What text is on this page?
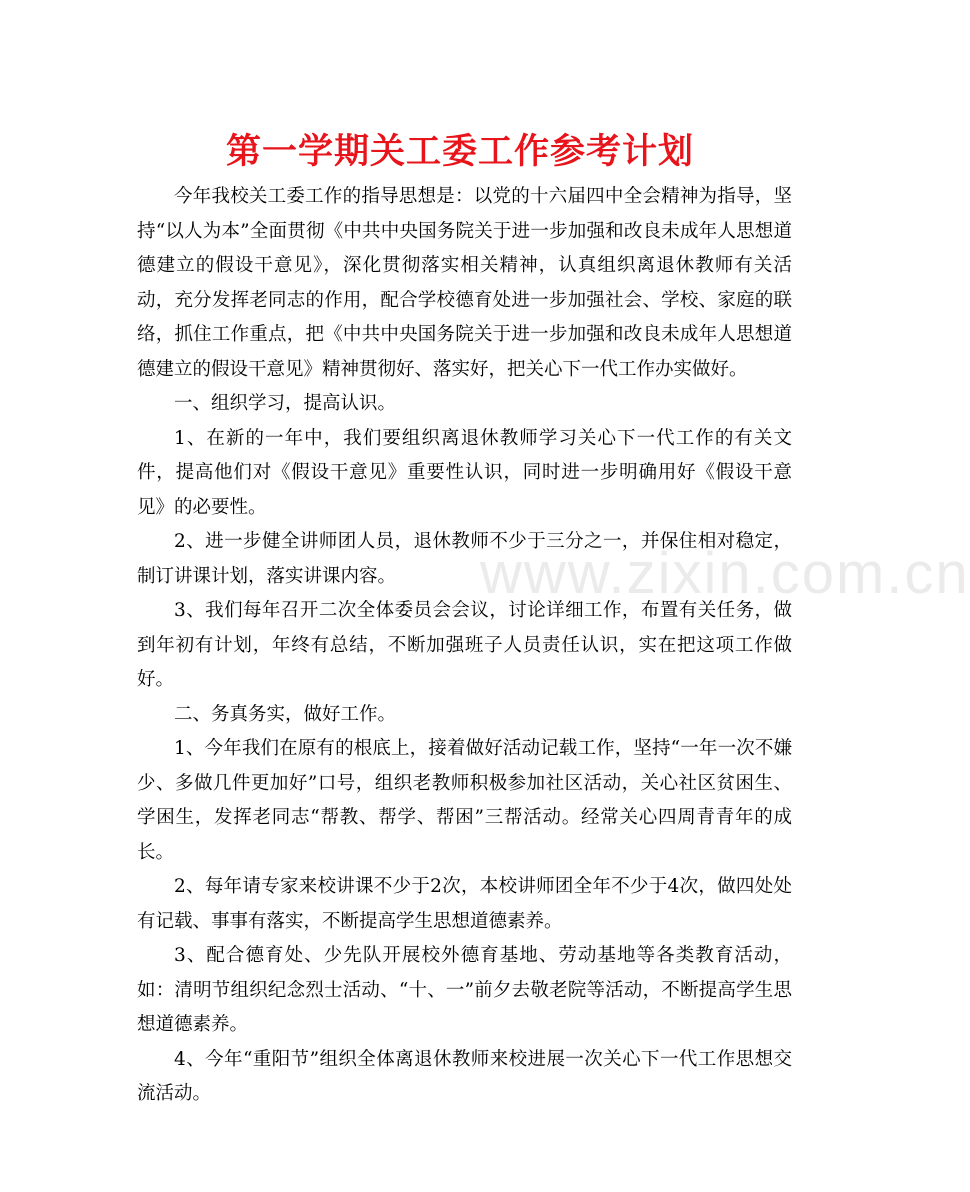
www.zixin.com.cn
第一学期关工委工作参考计划

今年我校关工委工作的指导思想是：以党的十六届四中全会精神为指导，坚持“以人为本”全面贯彻《中共中央国务院关于进一步加强和改良未成年人思想道德建立的假设干意见》，深化贯彻落实相关精神，认真组织离退休教师有关活动，充分发挥老同志的作用，配合学校德育处进一步加强社会、学校、家庭的联络，抓住工作重点，把《中共中央国务院关于进一步加强和改良未成年人思想道德建立的假设干意见》精神贯彻好、落实好，把关心下一代工作办实做好。

一、组织学习，提高认识。

1、在新的一年中，我们要组织离退休教师学习关心下一代工作的有关文件，提高他们对《假设干意见》重要性认识，同时进一步明确用好《假设干意见》的必要性。

2、进一步健全讲师团人员，退休教师不少于三分之一，并保住相对稳定，制订讲课计划，落实讲课内容。

3、我们每年召开二次全体委员会会议，讨论详细工作，布置有关任务，做到年初有计划，年终有总结，不断加强班子人员责任认识，实在把这项工作做好。

二、务真务实，做好工作。

1、今年我们在原有的根底上，接着做好活动记载工作，坚持“一年一次不嫌少、多做几件更加好”口号，组织老教师积极参加社区活动，关心社区贫困生、学困生，发挥老同志“帮教、帮学、帮困”三帮活动。经常关心四周青青年的成长。

2、每年请专家来校讲课不少于2次，本校讲师团全年不少于4次，做四处处有记载、事事有落实，不断提高学生思想道德素养。

3、配合德育处、少先队开展校外德育基地、劳动基地等各类教育活动，如：清明节组织纪念烈士活动、“十、一”前夕去敬老院等活动，不断提高学生思想道德素养。

4、今年“重阳节”组织全体离退休教师来校进展一次关心下一代工作思想交流活动。
